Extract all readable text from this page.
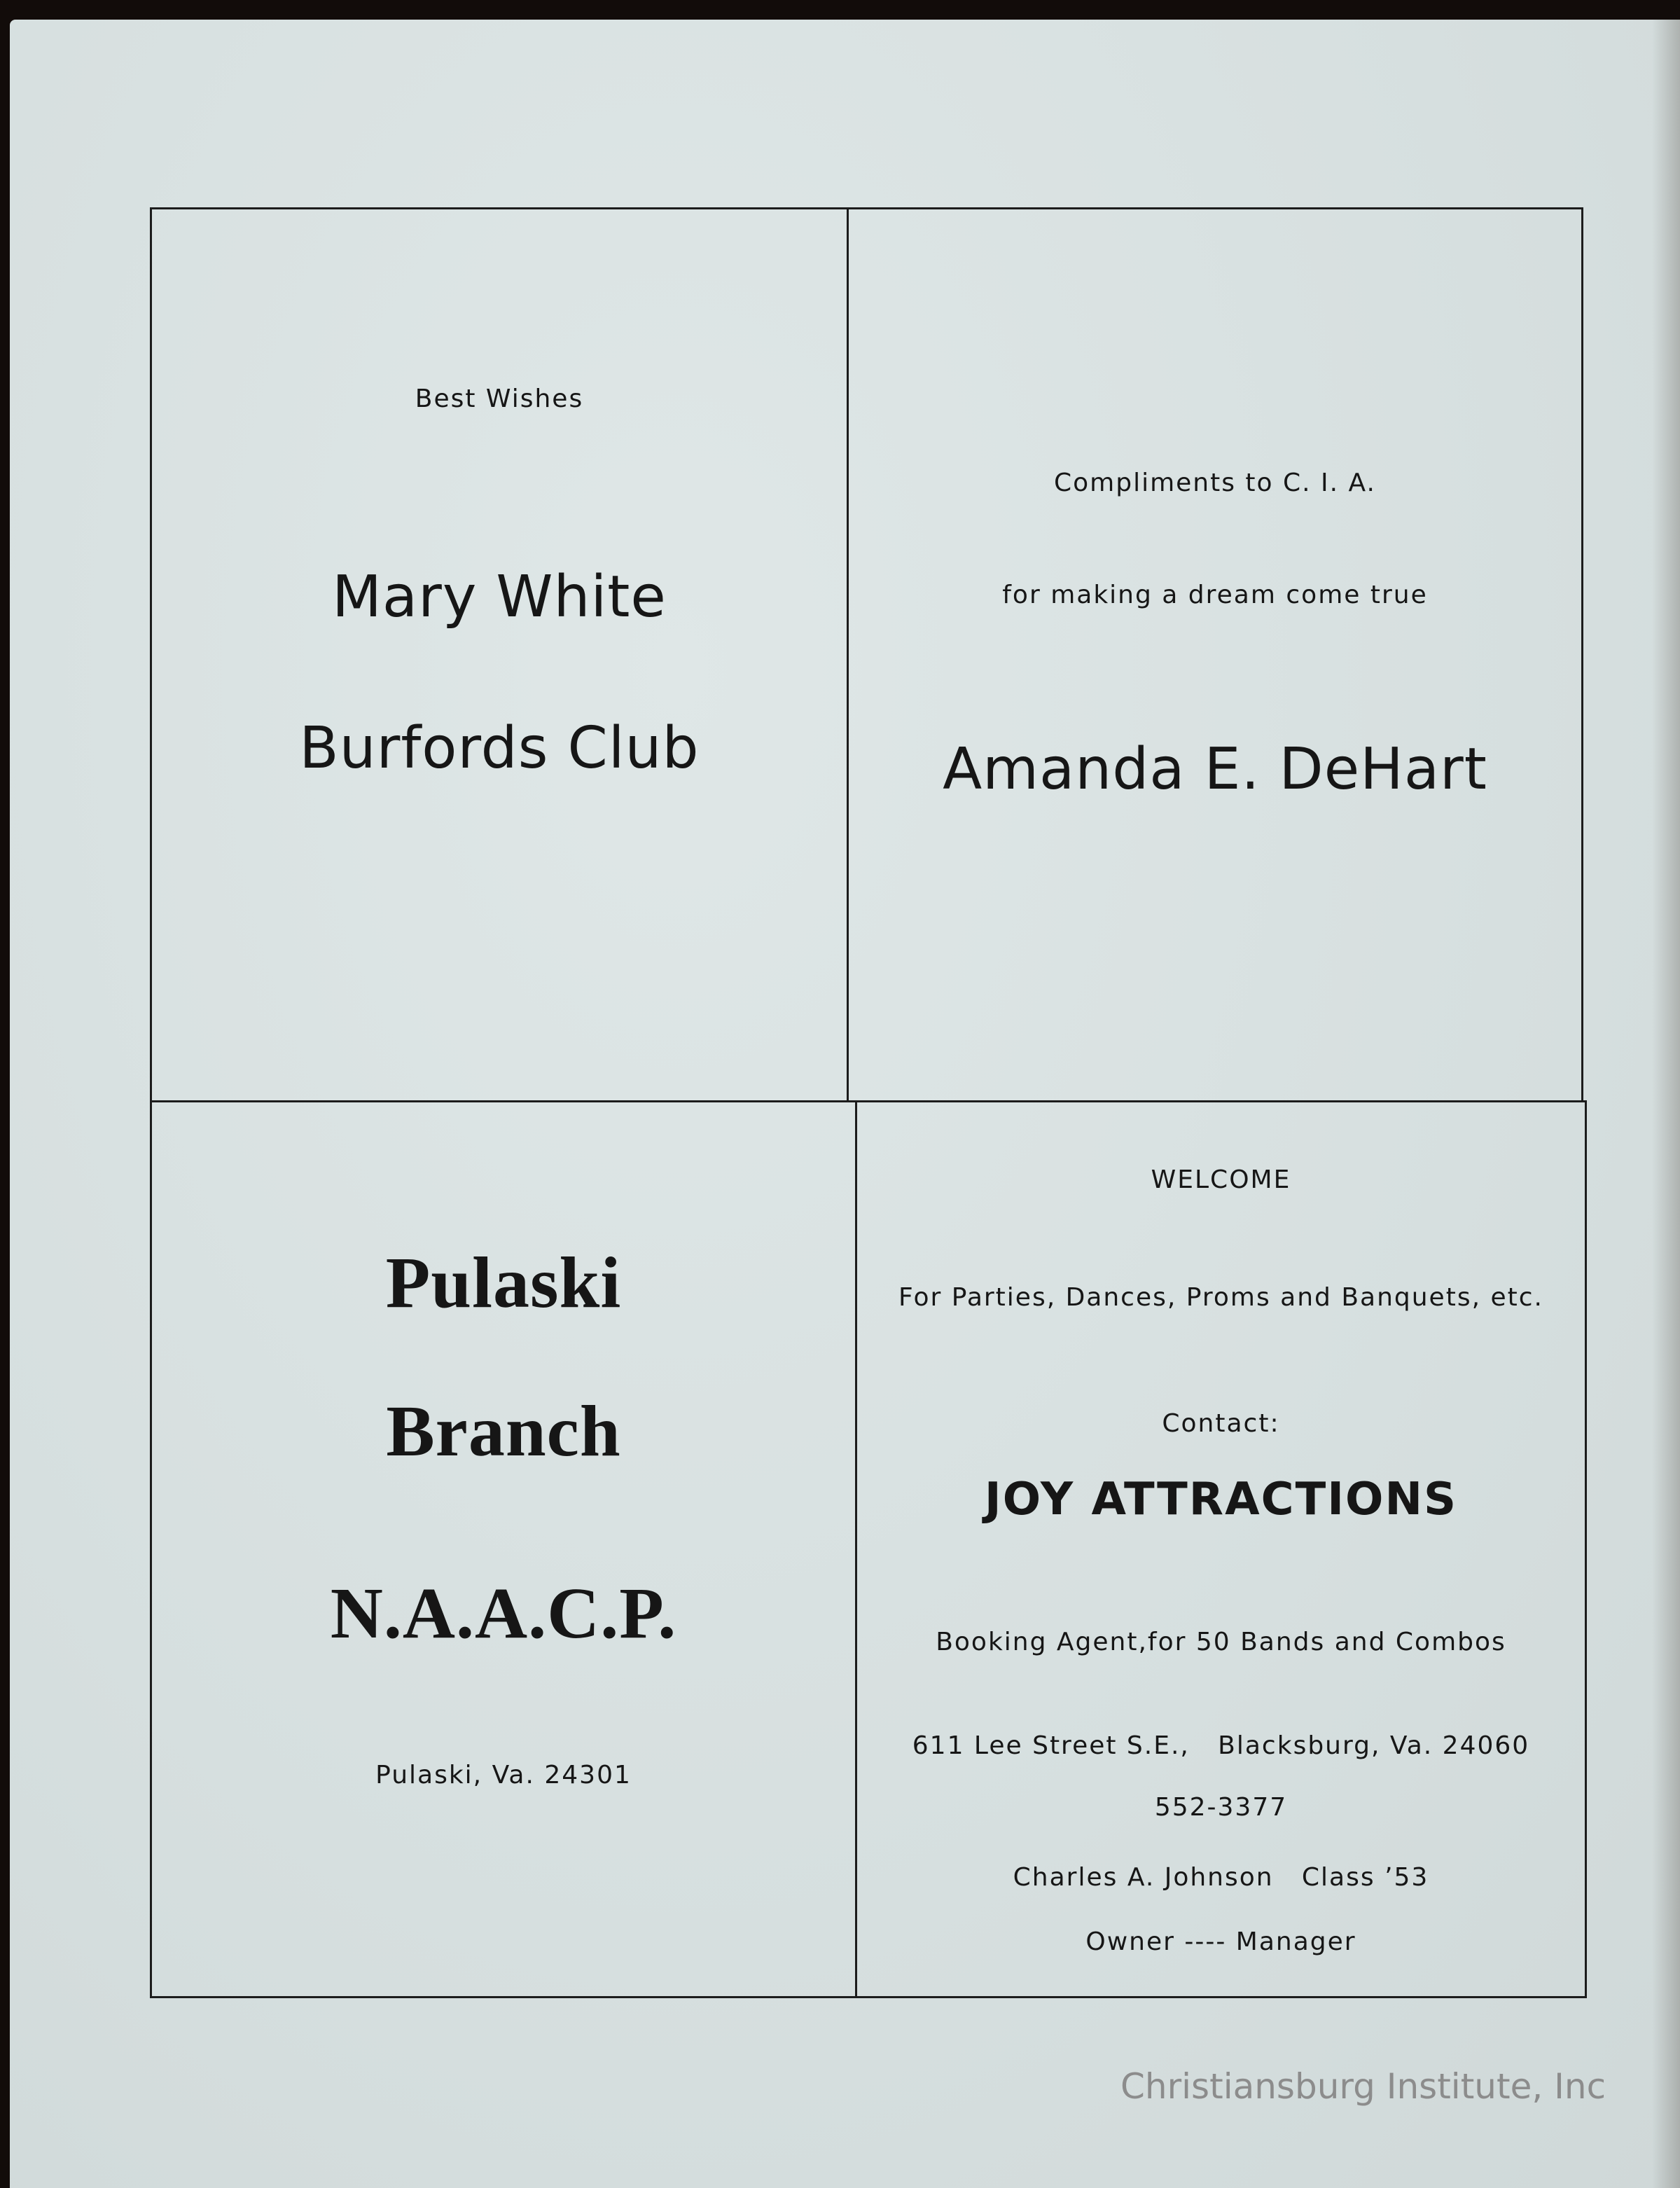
Best Wishes
Mary White
Burfords Club
Compliments to C. I. A.
for making a dream come true
Amanda E. DeHart
Pulaski
Branch
N.A.A.C.P.
Pulaski, Va. 24301
WELCOME
For Parties, Dances, Proms and Banquets, etc.
Contact:
JOY ATTRACTIONS
Booking Agent,for 50 Bands and Combos
611 Lee Street S.E.,   Blacksburg, Va. 24060
552-3377
Charles A. Johnson   Class ’53
Owner ---- Manager
Christiansburg Institute, Inc
